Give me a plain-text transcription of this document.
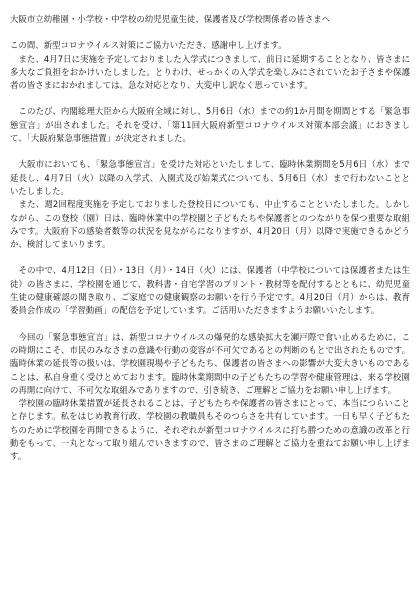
大阪市立幼稚園・小学校・中学校の幼児児童生徒、保護者及び学校関係者の皆さまへ

この間、新型コロナウイルス対策にご協力いただき、感謝申し上げます。
　また、4月7日に実施を予定しておりました入学式につきまして、前日に延期することとなり、皆さまに多大なご負担をおかけいたしました。とりわけ、せっかくの入学式を楽しみにされていたお子さまや保護者の皆さまにおかれましては、急な対応となり、大変申し訳なく思っています。

　このたび、内閣総理大臣から大阪府全域に対し、5月6日（水）までの約1か月間を期間とする「緊急事態宣言」が出されました。それを受け、「第11回大阪府新型コロナウイルス対策本部会議」におきまして、「大阪府緊急事態措置」が決定されました。

　大阪市においても、「緊急事態宣言」を受けた対応といたしまして、臨時休業期間を5月6日（水）まで延長し、4月7日（火）以降の入学式、入園式及び始業式についても、5月6日（水）まで行わないことといたしました。
　また、週2回程度実施を予定しておりました登校日についても、中止することといたしました。しかしながら、この登校（園）日は、臨時休業中の学校園と子どもたちや保護者とのつながりを保つ重要な取組みです。大阪府下の感染者数等の状況を見ながらになりますが、4月20日（月）以降で実施できるかどうか、検討してまいります。

　その中で、4月12日（日）・13日（月）・14日（火）には、保護者（中学校については保護者または生徒）の皆さまに、学校園を通じて、教科書・自宅学習のプリント・教材等を配付するとともに、幼児児童生徒の健康確認の聞き取り、ご家庭での健康観察のお願いを行う予定です。4月20日（月）からは、教育委員会作成の「学習動画」の配信を予定しています。ご活用いただきますようお願いいたします。

　今回の「緊急事態宣言」は、新型コロナウイルスの爆発的な感染拡大を瀬戸際で食い止めるために、この時期にこそ、市民のみなさまの意識や行動の変容が不可欠であるとの判断のもとで出されたものです。臨時休業の延長等の扱いは、学校園現場や子どもたち、保護者の皆さまへの影響が大変大きいものであることは、私自身重く受けとめております。臨時休業期間中の子どもたちの学習や健康管理は、来る学校園の再開に向けて、不可欠な取組みでありますので、引き続き、ご理解とご協力をお願い申し上げます。
　学校園の臨時休業措置が延長されることは、子どもたちや保護者の皆さまにとって、本当につらいことと存じます。私をはじめ教育行政、学校園の教職員もそのつらさを共有しています。一日も早く子どもたちのために学校園を再開できるように、それぞれが新型コロナウイルスに打ち勝つための意識の改革と行動をもって、一丸となって取り組んでいきますので、皆さまのご理解とご協力を重ねてお願い申し上げます。
